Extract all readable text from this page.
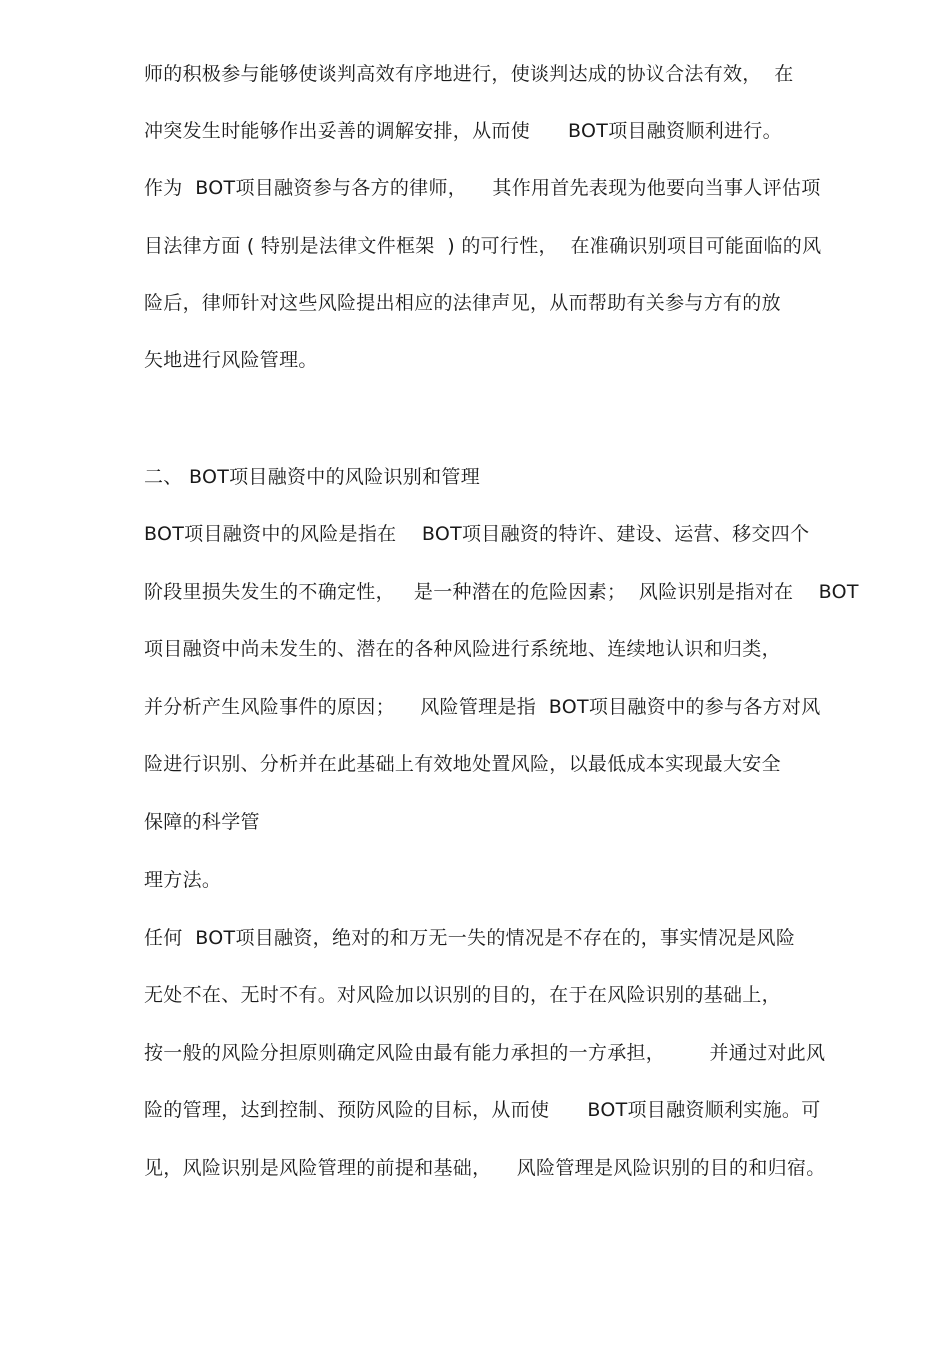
师的积极参与能够使谈判高效有序地进行，使谈判达成的协议合法有效，  在
冲突发生时能够作出妥善的调解安排，从而使      BOT项目融资顺利进行。
作为  BOT项目融资参与各方的律师，    其作用首先表现为他要向当事人评估项
目法律方面 ( 特别是法律文件框架  ) 的可行性，  在准确识别项目可能面临的风
险后，律师针对这些风险提出相应的法律声见，从而帮助有关参与方有的放
矢地进行风险管理。
二、 BOT项目融资中的风险识别和管理
BOT项目融资中的风险是指在    BOT项目融资的特许、建设、运营、移交四个
阶段里损失发生的不确定性，   是一种潜在的危险因素；  风险识别是指对在    BOT
项目融资中尚未发生的、潜在的各种风险进行系统地、连续地认识和归类，
并分析产生风险事件的原因；    风险管理是指  BOT项目融资中的参与各方对风
险进行识别、分析并在此基础上有效地处置风险，以最低成本实现最大安全
保障的科学管
理方法。
任何  BOT项目融资，绝对的和万无一失的情况是不存在的，事实情况是风险
无处不在、无时不有。对风险加以识别的目的，在于在风险识别的基础上，
按一般的风险分担原则确定风险由最有能力承担的一方承担，       并通过对此风
险的管理，达到控制、预防风险的目标，从而使      BOT项目融资顺利实施。可
见，风险识别是风险管理的前提和基础，    风险管理是风险识别的目的和归宿。
